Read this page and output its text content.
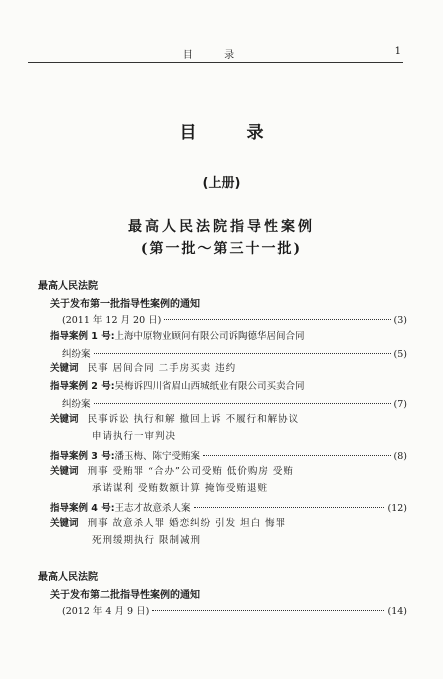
目 录	1
目 录
(上册)
最高人民法院指导性案例
(第一批～第三十一批)
最高人民法院
关于发布第一批指导性案例的通知
(2011 年 12 月 20 日)	(3)
指导案例 1 号:上海中原物业顾问有限公司诉陶德华居间合同
纠纷案	(5)
关键词 民事 居间合同 二手房买卖 违约
指导案例 2 号:吴梅诉四川省眉山西城纸业有限公司买卖合同
纠纷案	(7)
关键词 民事诉讼 执行和解 撤回上诉 不履行和解协议
申请执行一审判决
指导案例 3 号:潘玉梅、陈宁受贿案	(8)
关键词 刑事 受贿罪 “合办”公司受贿 低价购房 受贿
承诺谋利 受贿数额计算 掩饰受贿退赃
指导案例 4 号:王志才故意杀人案	(12)
关键词 刑事 故意杀人罪 婚恋纠纷 引发 坦白 悔罪
死刑缓期执行 限制减刑
最高人民法院
关于发布第二批指导性案例的通知
(2012 年 4 月 9 日)	(14)
